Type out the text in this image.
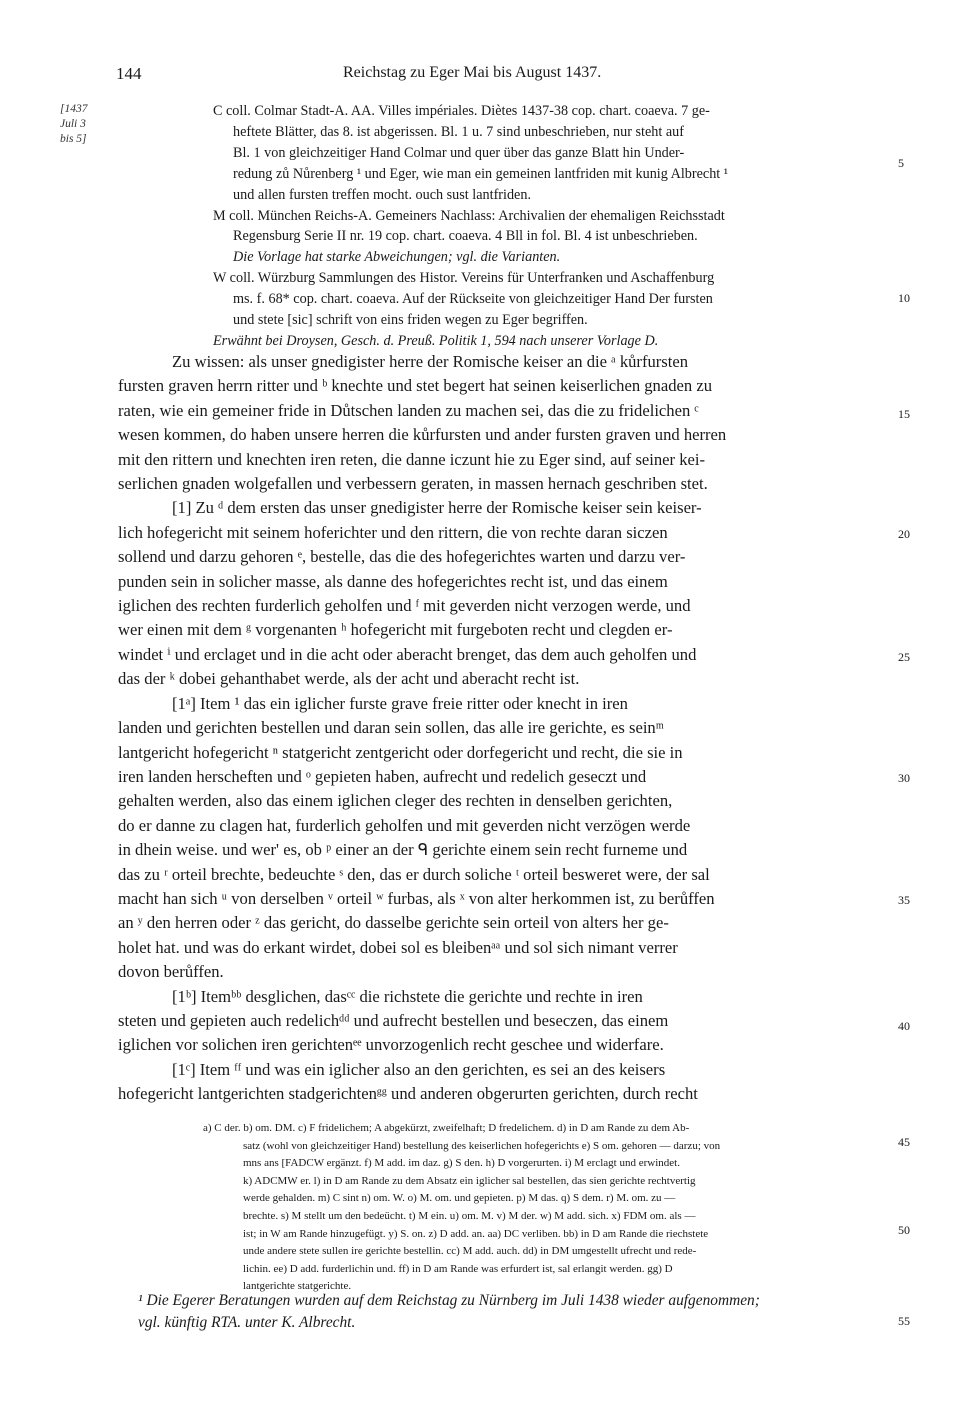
144	Reichstag zu Eger Mai bis August 1437.
[1437
Juli 3
bis 5]
C coll. Colmar Stadt-A. AA. Villes impériales. Diètes 1437-38 cop. chart. coaeva. 7 ge-
heftete Blätter, das 8. ist abgerissen. Bl. 1 u. 7 sind unbeschrieben, nur steht auf
Bl. 1 von gleichzeitiger Hand Colmar und quer über das ganze Blatt hin Under-
redung zů Nůrenberg ¹ und Eger, wie man ein gemeinen lantfriden mit kunig Albrecht ¹
und allen fursten treffen mocht. ouch sust lantfriden.
M coll. München Reichs-A. Gemeiners Nachlass: Archivalien der ehemaligen Reichsstadt
Regensburg Serie II nr. 19 cop. chart. coaeva. 4 Bll in fol. Bl. 4 ist unbeschrieben.
Die Vorlage hat starke Abweichungen; vgl. die Varianten.
W coll. Würzburg Sammlungen des Histor. Vereins für Unterfranken und Aschaffenburg
ms. f. 68* cop. chart. coaeva. Auf der Rückseite von gleichzeitiger Hand Der fursten
und stete [sic] schrift von eins friden wegen zu Eger begriffen.
Erwähnt bei Droysen, Gesch. d. Preuß. Politik 1, 594 nach unserer Vorlage D.
Zu wissen: als unser gnedigister herre der Romische keiser an die ᵃ kůrfursten
fursten graven herrn ritter und ᵇ knechte und stet begert hat seinen keiserlichen gnaden zu
raten, wie ein gemeiner fride in Důtschen landen zu machen sei, das die zu fridelichen ᶜ
wesen kommen, do haben unsere herren die kůrfursten und ander fursten graven und herren
mit den rittern und knechten iren reten, die danne iczunt hie zu Eger sind, auf seiner kei-
serlichen gnaden wolgefallen und verbessern geraten, in massen hernach geschriben stet.
[1] Zu ᵈ dem ersten das unser gnedigister herre der Romische keiser sein keiser-
lich hofegericht mit seinem hoferichter und den rittern, die von rechte daran siczen
sollend und darzu gehoren ᵉ, bestelle, das die des hofegerichtes warten und darzu ver-
punden sein in solicher masse, als danne des hofegerichtes recht ist, und das einem
iglichen des rechten furderlich geholfen und ᶠ mit geverden nicht verzogen werde, und
wer einen mit dem ᵍ vorgenanten ʰ hofegericht mit furgeboten recht und clegden er-
windet ⁱ und erclaget und in die acht oder aberacht brenget, das dem auch geholfen und
das der ᵏ dobei gehanthabet werde, als der acht und aberacht recht ist.
[1ᵃ] Item ¹ das ein iglicher furste grave freie ritter oder knecht in iren
landen und gerichten bestellen und daran sein sollen, das alle ire gerichte, es seinᵐ
lantgericht hofegericht ⁿ statgericht zentgericht oder dorfegericht und recht, die sie in
iren landen herscheften und ᵒ gepieten haben, aufrecht und redelich geseczt und
gehalten werden, also das einem iglichen cleger des rechten in denselben gerichten,
do er danne zu clagen hat, furderlich geholfen und mit geverden nicht verzögen werde
in dhein weise. und wer' es, ob ᵖ einer an der ᑫ gerichte einem sein recht furneme und
das zu ʳ orteil brechte, bedeuchte ˢ den, das er durch soliche ᵗ orteil besweret were, der sal
macht han sich ᵘ von derselben ᵛ orteil ʷ furbas, als ˣ von alter herkommen ist, zu berůffen
an ʸ den herren oder ᶻ das gericht, do dasselbe gerichte sein orteil von alters her ge-
holet hat. und was do erkant wirdet, dobei sol es bleibenᵃᵃ und sol sich nimant verrer
dovon berůffen.
[1ᵇ] Itemᵇᵇ desglichen, dasᶜᶜ die richstete die gerichte und rechte in iren
steten und gepieten auch redelichᵈᵈ und aufrecht bestellen und beseczen, das einem
iglichen vor solichen iren gerichtenᵉᵉ unvorzogenlich recht geschee und widerfare.
[1ᶜ] Item ᶠᶠ und was ein iglicher also an den gerichten, es sei an des keisers
hofegericht lantgerichten stadgerichtenᵍᵍ und anderen obgerurten gerichten, durch recht
a) C der. b) om. DM. c) F fridelichem; A abgekürzt, zweifelhaft; D fredelichem. d) in D am Rande zu dem Ab-
satz (wohl von gleichzeitiger Hand) bestellung des keiserlichen hofegerichts e) S om. gehoren — darzu; von
mns ans [FADCW ergänzt. f) M add. im daz. g) S den. h) D vorgerurten. i) M erclagt und erwindet.
k) ADCMW er. l) in D am Rande zu dem Absatz ein iglicher sal bestellen, das sien gerichte rechtvertig
werde gehalden. m) C sint n) om. W. o) M. om. und gepieten. p) M das. q) S dem. r) M. om. zu —
brechte. s) M stellt um den bedeücht. t) M ein. u) om. M. v) M der. w) M add. sich. x) FDM om. als —
ist; in W am Rande hinzugefügt. y) S. on. z) D add. an. aa) DC verliben. bb) in D am Rande die riechstete
unde andere stete sullen ire gerichte bestellin. cc) M add. auch. dd) in DM umgestellt ufrecht und rede-
lichin. ee) D add. furderlichin und. ff) in D am Rande was erfurdert ist, sal erlangit werden. gg) D
lantgerichte statgerichte.
¹ Die Egerer Beratungen wurden auf dem Reichstag zu Nürnberg im Juli 1438 wieder aufgenommen;
vgl. künftig RTA. unter K. Albrecht.
5
10
15
20
25
30
35
40
45
50
55
